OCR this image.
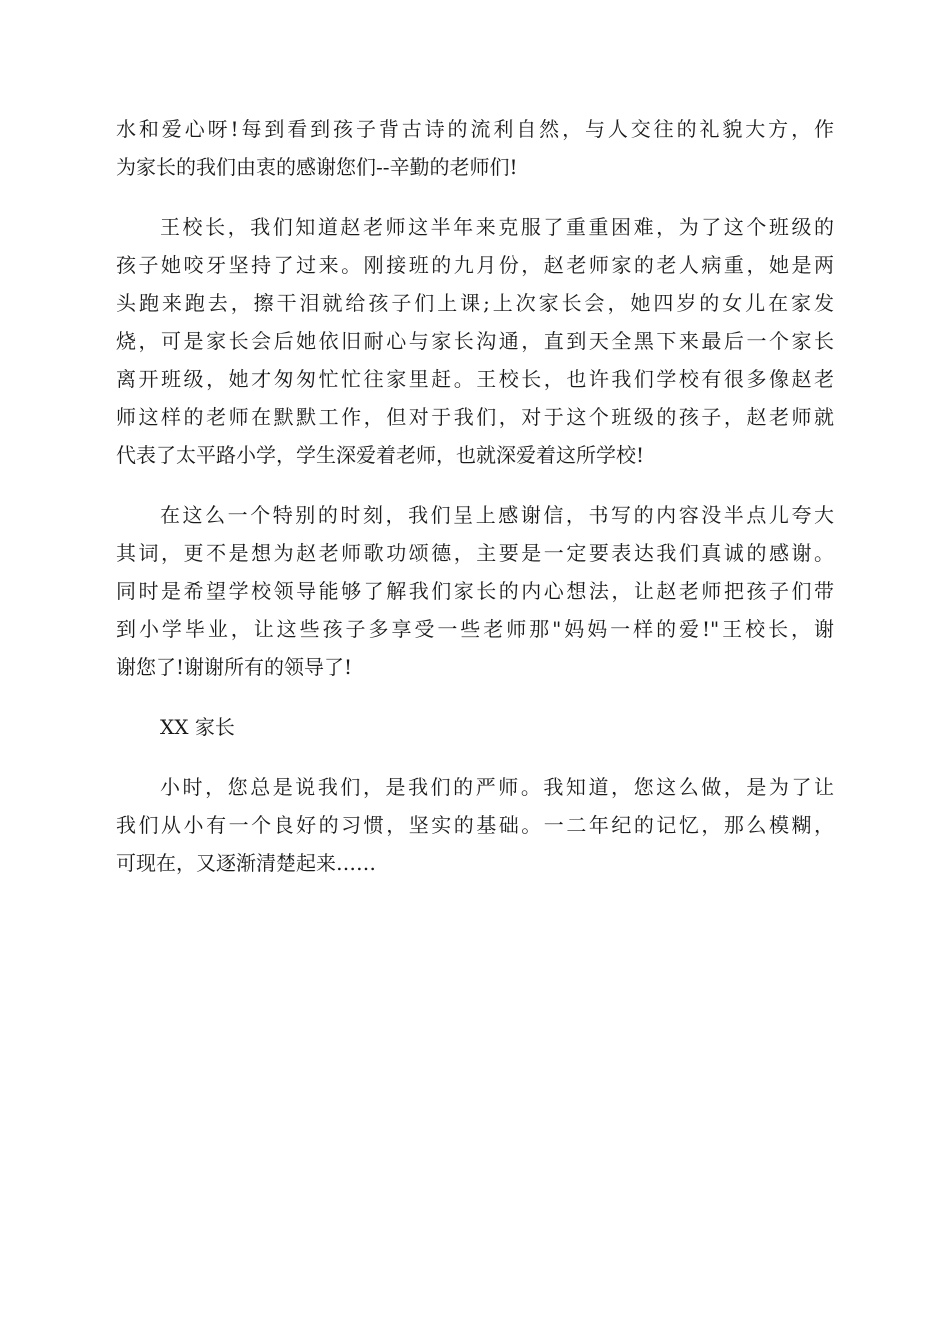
水和爱心呀!每到看到孩子背古诗的流利自然，与人交往的礼貌大方，作
为家长的我们由衷的感谢您们--辛勤的老师们!
王校长，我们知道赵老师这半年来克服了重重困难，为了这个班级的
孩子她咬牙坚持了过来。刚接班的九月份，赵老师家的老人病重，她是两
头跑来跑去，擦干泪就给孩子们上课;上次家长会，她四岁的女儿在家发
烧，可是家长会后她依旧耐心与家长沟通，直到天全黑下来最后一个家长
离开班级，她才匆匆忙忙往家里赶。王校长，也许我们学校有很多像赵老
师这样的老师在默默工作，但对于我们，对于这个班级的孩子，赵老师就
代表了太平路小学，学生深爱着老师，也就深爱着这所学校!
在这么一个特别的时刻，我们呈上感谢信，书写的内容没半点儿夸大
其词，更不是想为赵老师歌功颂德，主要是一定要表达我们真诚的感谢。
同时是希望学校领导能够了解我们家长的内心想法，让赵老师把孩子们带
到小学毕业，让这些孩子多享受一些老师那"妈妈一样的爱!"王校长，谢
谢您了!谢谢所有的领导了!
XX 家长
小时，您总是说我们，是我们的严师。我知道，您这么做，是为了让
我们从小有一个良好的习惯，坚实的基础。一二年纪的记忆，那么模糊，
可现在，又逐渐清楚起来……
